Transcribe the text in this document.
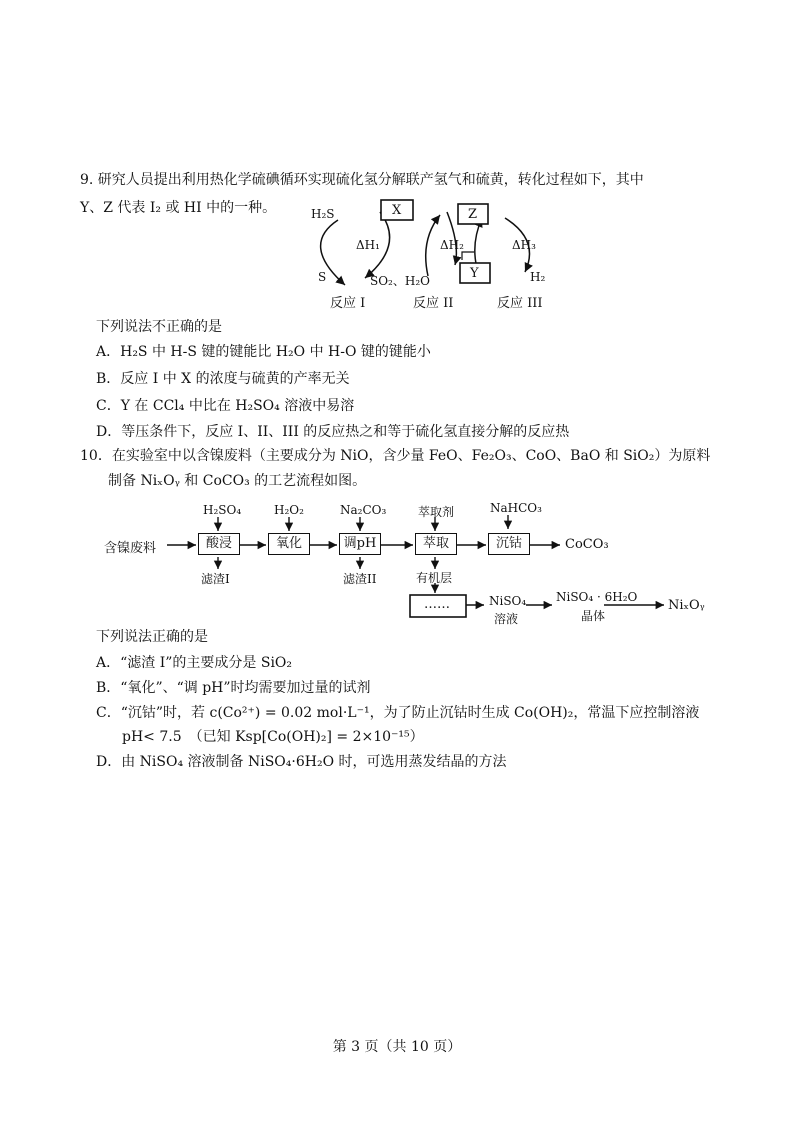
9. 研究人员提出利用热化学硫碘循环实现硫化氢分解联产氢气和硫黄，转化过程如下，其中
Y、Z 代表 I₂ 或 HI 中的一种。	H₂S
S
ΔH₁
SO₂、H₂O
X	Z
Y
ΔH₂	ΔH₃
H₂
反应 I	反应 II	反应 III
下列说法不正确的是
A．H₂S 中 H-S 键的键能比 H₂O 中 H-O 键的键能小
B．反应 I 中 X 的浓度与硫黄的产率无关
C．Y 在 CCl₄ 中比在 H₂SO₄ 溶液中易溶
D．等压条件下，反应 I、II、III 的反应热之和等于硫化氢直接分解的反应热
10．在实验室中以含镍废料（主要成分为 NiO，含少量 FeO、Fe₂O₃、CoO、BaO 和 SiO₂）为原料
制备 NiₓOᵧ 和 CoCO₃ 的工艺流程如图。
含镍废料	酸浸	氧化	调pH	萃取	沉钴
H₂SO₄	H₂O₂	Na₂CO₃	萃取剂	NaHCO₃
CoCO₃
滤渣I	滤渣II	有机层
……	NiSO₄
溶液
NiSO₄ · 6H₂O
晶体
NiₓOᵧ
下列说法正确的是
A．“滤渣 I”的主要成分是 SiO₂
B．“氧化”、“调 pH”时均需要加过量的试剂
C．“沉钴”时，若 c(Co²⁺) = 0.02 mol·L⁻¹，为了防止沉钴时生成 Co(OH)₂，常温下应控制溶液
pH< 7.5　（已知 Ksp[Co(OH)₂] = 2×10⁻¹⁵）
D．由 NiSO₄ 溶液制备 NiSO₄·6H₂O 时，可选用蒸发结晶的方法
第 3 页（共 10 页）
